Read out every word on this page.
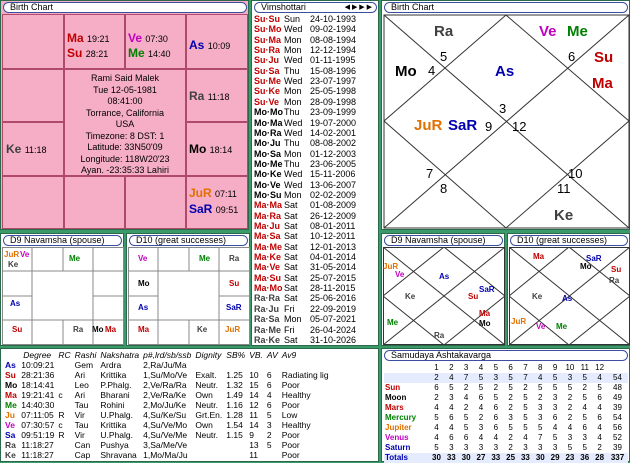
Birth Chart
Ma 19:21
Su 28:21
Ve 07:30
Me 14:40
As 10:09
Ra 11:18
Ke 11:18	Mo 18:14
JuR 07:11
SaR 09:51
Rami Said Malek
Tue 12-05-1981
08:41:00
Torrance, California
USA
Timezone: 8 DST: 1
Latitude: 33N50'09
Longitude: 118W20'23
Ayan. -23:35:33 Lahiri
Vimshottari	◀ ▶ ▶ ▶
Su·Su Sun 24-10-1993
Su·Mo Wed 09-02-1994
Su·Ma Mon 08-08-1994
Su·Ra Mon 12-12-1994
Su·Ju Wed 01-11-1995
Su·Sa Thu 15-08-1996
Su·Me Wed 23-07-1997
Su·Ke Mon 25-05-1998
Su·Ve Mon 28-09-1998
Mo·MoThu 23-09-1999
Mo·Ma Wed 19-07-2000
Mo·Ra Wed 14-02-2001
Mo·Ju Thu 08-08-2002
Mo·Sa Mon 01-12-2003
Mo·Me Thu 23-06-2005
Mo·Ke Wed 15-11-2006
Mo·Ve Wed 13-06-2007
Mo·Su Mon 02-02-2009
Ma·Ma Sat 01-08-2009
Ma·Ra Sat 26-12-2009
Ma·Ju Sat 08-01-2011
Ma·Sa Sat 10-12-2011
Ma·Me Sat 12-01-2013
Ma·Ke Sat 04-01-2014
Ma·Ve Sat 31-05-2014
Ma·Su Sat 25-07-2015
Ma·Mo Sat 28-11-2015
Ra·Ra Sat 25-06-2016
Ra·Ju Fri 22-09-2019
Ra·Sa Mon 05-07-2021
Ra·Me Fri 26-04-2024
Ra·Ke Sat 31-10-2026
Birth Chart
Ra	Ve Me
Su
Ma
Mo	As
JuR SaR
Ke
4
5	6
3
9 12
7
8
10
11
D9 Navamsha (spouse)
JuR Ve	Me
Ke
As
Mo
Su	Ra	Ma
D10 (great successes)
Ve	Me Ra
Mo	Su
SaR
As
Ma	Ke JuR
D9 Navamsha (spouse)
JuR
Ve
Ke
As
Su
SaR
Ma
Me	Mo
Ra
D10 (great successes)
Ma	SaR
Mo Su
Ra
Ke As
JuR
Ve Me
	Degree	RC	Rashi	Nakshatra	p#,lrd/sb/ssb	Dignity	SB%	VB.	AV	Av9
As	10:09:21		Gem	Ardra	2,Ra/Ju/Ma					
Su	28:21:36		Ari	Krittika	1,Su/Mo/Ve	Exalt.	1.25	10	6	Radiating lig
Mo	18:14:41		Leo	P.Phalg.	2,Ve/Ra/Ra	Neutr.	1.32	15	6	Poor
Ma	19:21:41	c	Ari	Bharani	2,Ve/Ra/Ke	Own	1.49	14	4	Healthy
Me	14:40:30		Tau	Rohini	2,Mo/Ju/Ke	Neutr.	1.16	12	6	Poor
Ju	07:11:05	R	Vir	U.Phalg.	4,Su/Ke/Su	Grt.En.	1.28	11	5	Low
Ve	07:30:57	c	Tau	Krittika	4,Su/Ve/Mo	Own	1.54	14	3	Healthy
Sa	09:51:19	R	Vir	U.Phalg.	4,Su/Ve/Me	Neutr.	1.15	9	2	Poor
Ra	11:18:27		Can	Pushya	3,Sa/Me/Ve			13	5	Poor
Ke	11:18:27		Cap	Shravana	1,Mo/Ma/Ju			11		Poor
Samudaya Ashtakavarga
	1	2	3	4	5	6	7	8	9	10	11	12	
	2	4	7	5	3	5	7	4	5	3	5	4	54
Sun	6	5	2	5	2	5	2	5	5	5	2	5	48
Moon	2	3	4	6	5	2	5	2	3	2	5	6	49
Mars	4	4	2	4	6	2	5	3	3	2	4	4	39
Mercury	5	6	5	2	6	3	5	3	6	2	5	6	54
Jupiter	4	4	5	3	6	5	5	5	4	4	6	4	56
Venus	4	6	6	4	4	2	4	7	5	3	3	4	52
Saturn	5	3	3	3	3	2	3	3	3	5	5	2	39
Totals	30	33	30	27	33	25	33	30	29	23	36	28	337
